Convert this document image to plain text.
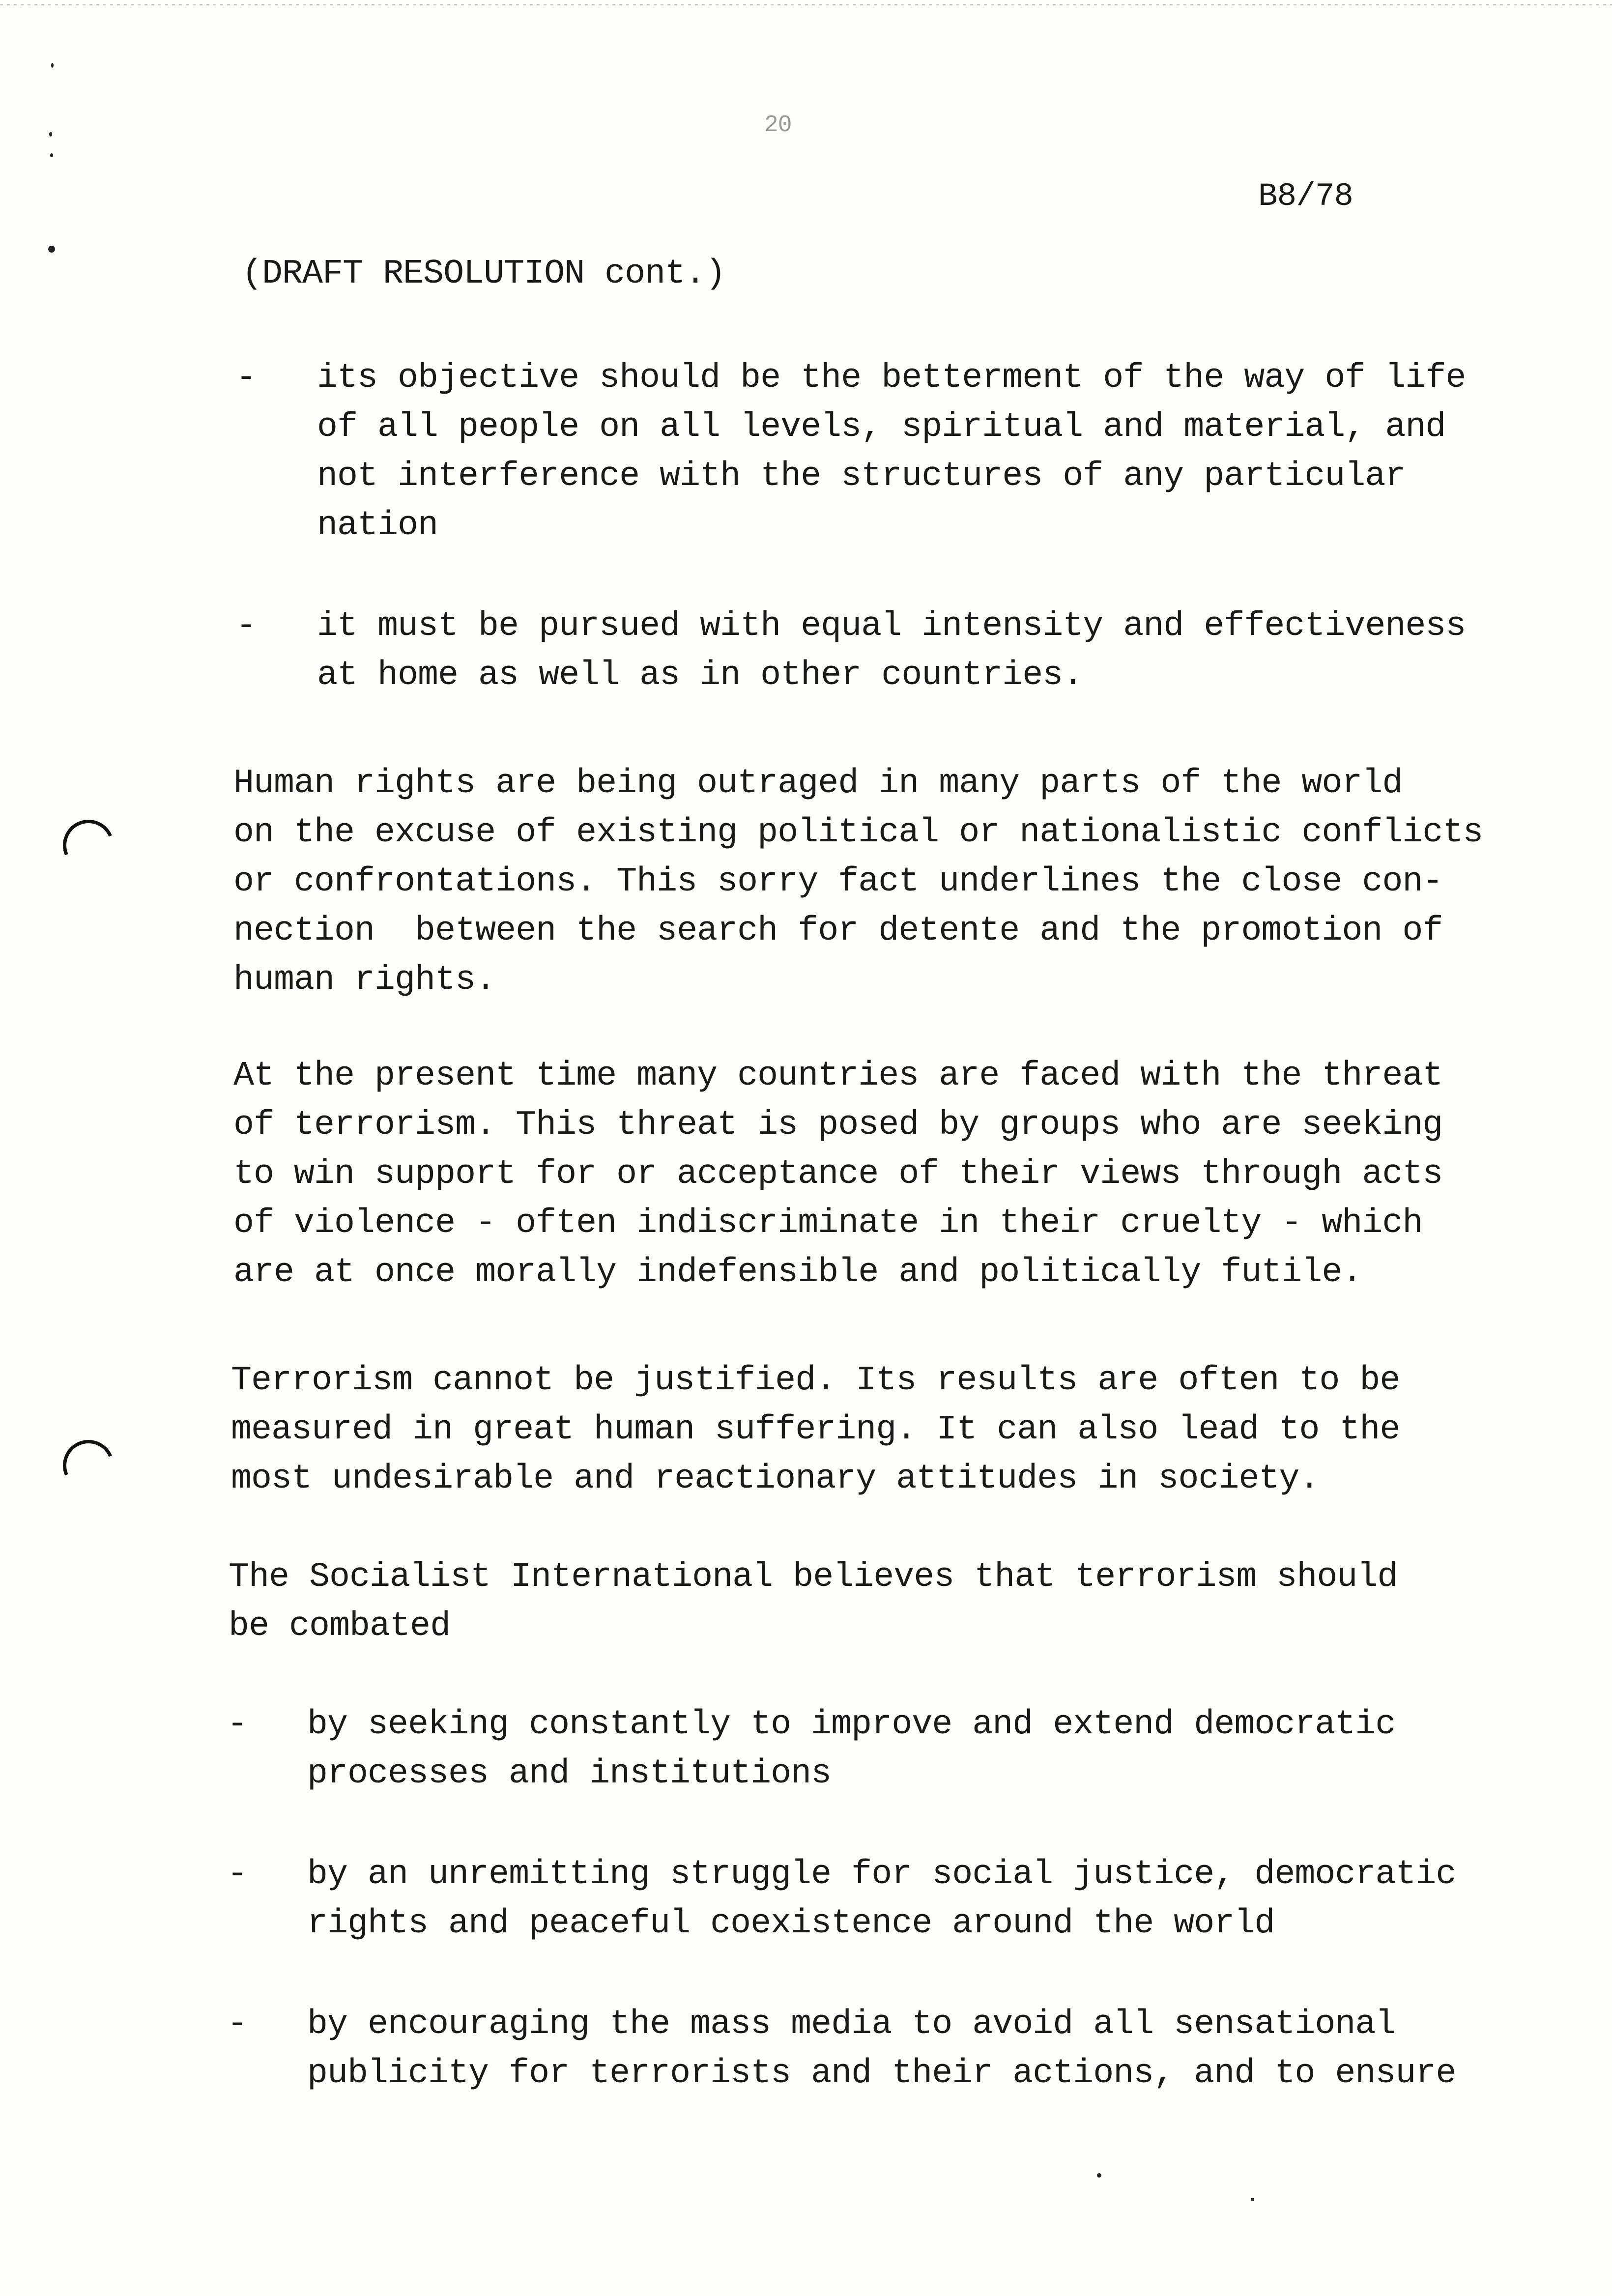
20
B8/78
(DRAFT RESOLUTION cont.)
- its objective should be the betterment of the way of life
of all people on all levels, spiritual and material, and
not interference with the structures of any particular
nation
- it must be pursued with equal intensity and effectiveness
at home as well as in other countries.
Human rights are being outraged in many parts of the world
on the excuse of existing political or nationalistic conflicts
or confrontations. This sorry fact underlines the close con-
nection  between the search for detente and the promotion of
human rights.
At the present time many countries are faced with the threat
of terrorism. This threat is posed by groups who are seeking
to win support for or acceptance of their views through acts
of violence - often indiscriminate in their cruelty - which
are at once morally indefensible and politically futile.
Terrorism cannot be justified. Its results are often to be
measured in great human suffering. It can also lead to the
most undesirable and reactionary attitudes in society.
The Socialist International believes that terrorism should
be combated
- by seeking constantly to improve and extend democratic
processes and institutions
- by an unremitting struggle for social justice, democratic
rights and peaceful coexistence around the world
- by encouraging the mass media to avoid all sensational
publicity for terrorists and their actions, and to ensure
